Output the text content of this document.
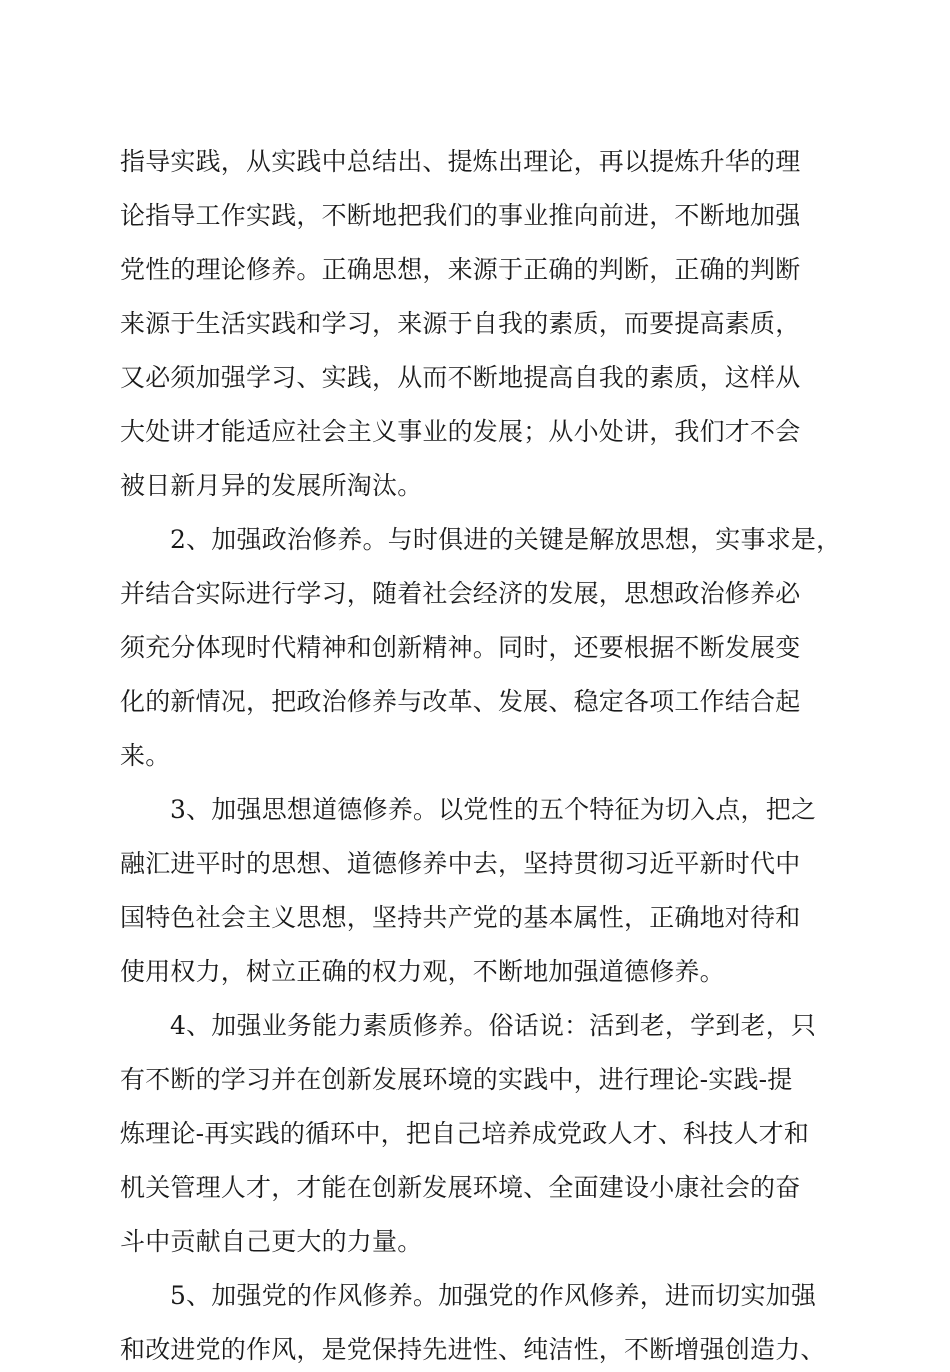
指导实践，从实践中总结出、提炼出理论，再以提炼升华的理
论指导工作实践，不断地把我们的事业推向前进，不断地加强
党性的理论修养。正确思想，来源于正确的判断，正确的判断
来源于生活实践和学习，来源于自我的素质，而要提高素质，
又必须加强学习、实践，从而不断地提高自我的素质，这样从
大处讲才能适应社会主义事业的发展；从小处讲，我们才不会
被日新月异的发展所淘汰。
2、加强政治修养。与时俱进的关键是解放思想，实事求是，
并结合实际进行学习，随着社会经济的发展，思想政治修养必
须充分体现时代精神和创新精神。同时，还要根据不断发展变
化的新情况，把政治修养与改革、发展、稳定各项工作结合起
来。
3、加强思想道德修养。以党性的五个特征为切入点，把之
融汇进平时的思想、道德修养中去，坚持贯彻习近平新时代中
国特色社会主义思想，坚持共产党的基本属性，正确地对待和
使用权力，树立正确的权力观，不断地加强道德修养。
4、加强业务能力素质修养。俗话说：活到老，学到老，只
有不断的学习并在创新发展环境的实践中，进行理论-实践-提
炼理论-再实践的循环中，把自己培养成党政人才、科技人才和
机关管理人才，才能在创新发展环境、全面建设小康社会的奋
斗中贡献自己更大的力量。
5、加强党的作风修养。加强党的作风修养，进而切实加强
和改进党的作风，是党保持先进性、纯洁性，不断增强创造力、
